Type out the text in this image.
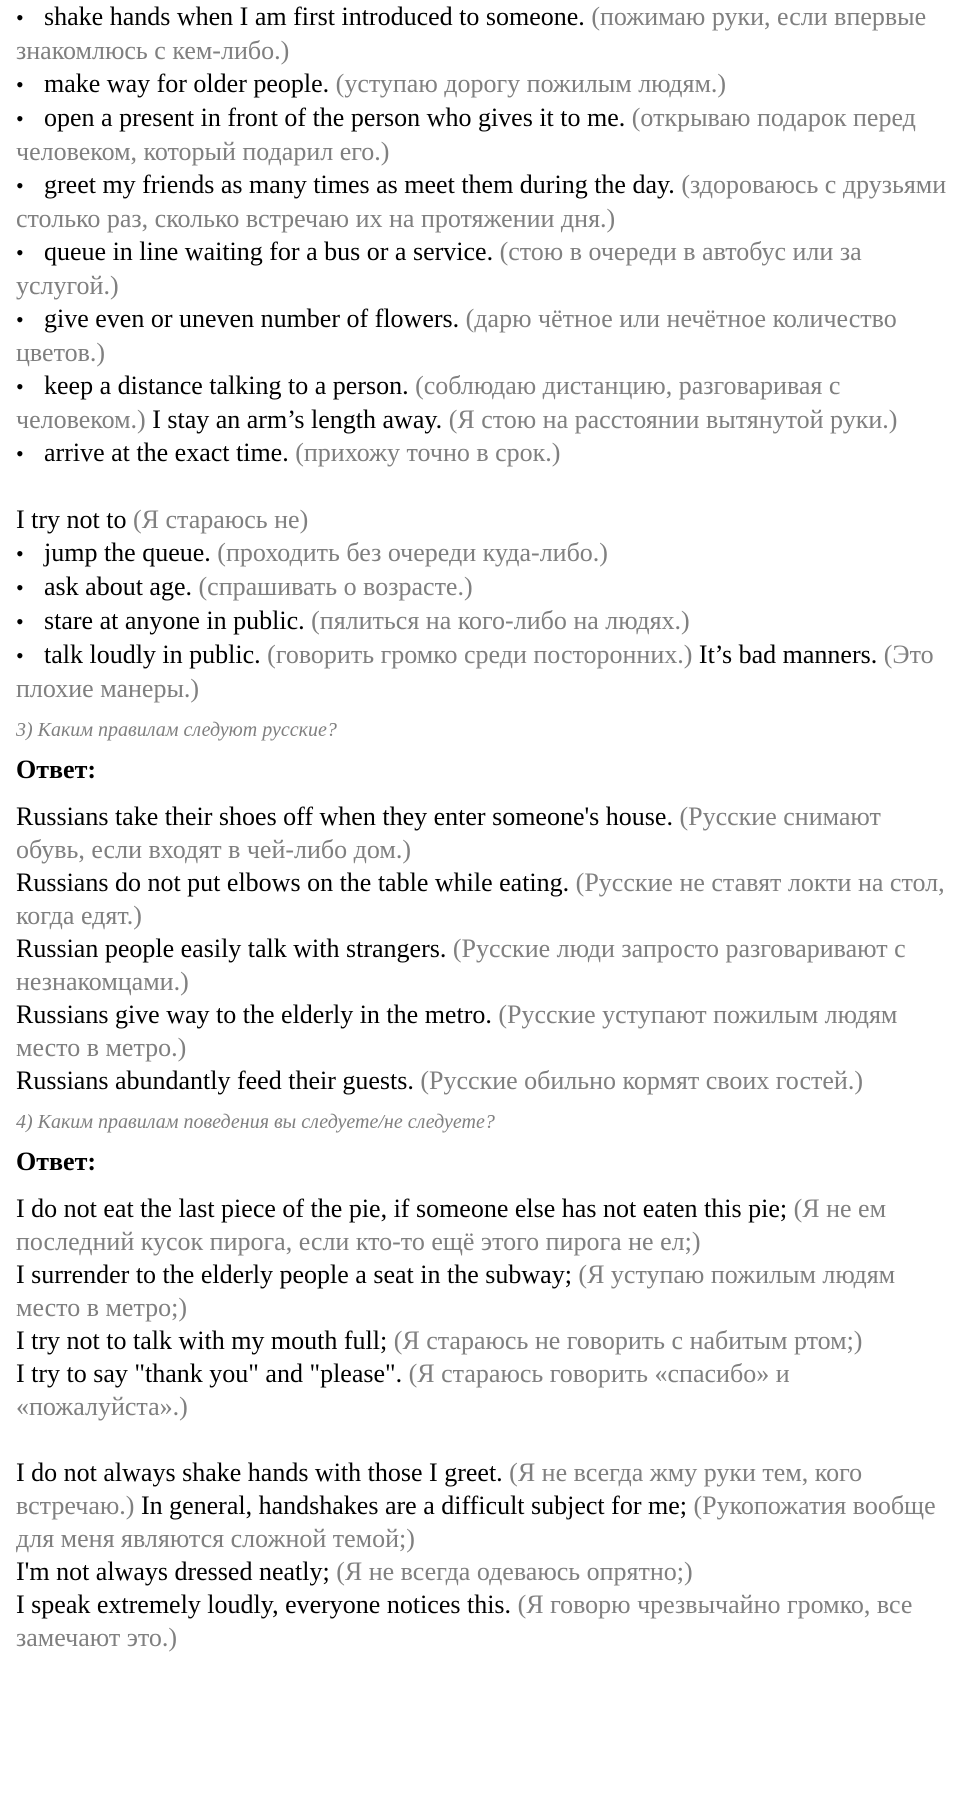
• shake hands when I am first introduced to someone. (пожимаю руки, если впервые знакомлюсь с кем-либо.)

• make way for older people. (уступаю дорогу пожилым людям.)

• open a present in front of the person who gives it to me. (открываю подарок перед человеком, который подарил его.)

• greet my friends as many times as meet them during the day. (здороваюсь с друзьями столько раз, сколько встречаю их на протяжении дня.)

• queue in line waiting for a bus or a service. (стою в очереди в автобус или за услугой.)

• give even or uneven number of flowers. (дарю чётное или нечётное количество цветов.)

• keep a distance talking to a person. (соблюдаю дистанцию, разговаривая с человеком.) I stay an arm’s length away. (Я стою на расстоянии вытянутой руки.)

• arrive at the exact time. (прихожу точно в срок.)

I try not to (Я стараюсь не)

• jump the queue. (проходить без очереди куда-либо.)

• ask about age. (спрашивать о возрасте.)

• stare at anyone in public. (пялиться на кого-либо на людях.)

• talk loudly in public. (говорить громко среди посторонних.) It’s bad manners. (Это плохие манеры.)

3) Каким правилам следуют русские?

Ответ:

Russians take their shoes off when they enter someone's house. (Русские снимают обувь, если входят в чей-либо дом.)

Russians do not put elbows on the table while eating. (Русские не ставят локти на стол, когда едят.)

Russian people easily talk with strangers. (Русские люди запросто разговаривают с незнакомцами.)

Russians give way to the elderly in the metro. (Русские уступают пожилым людям место в метро.)

Russians abundantly feed their guests. (Русские обильно кормят своих гостей.)

4) Каким правилам поведения вы следуете/не следуете?

Ответ:

I do not eat the last piece of the pie, if someone else has not eaten this pie; (Я не ем последний кусок пирога, если кто-то ещё этого пирога не ел;)

I surrender to the elderly people a seat in the subway; (Я уступаю пожилым людям место в метро;)

I try not to talk with my mouth full; (Я стараюсь не говорить с набитым ртом;)

I try to say "thank you" and "please". (Я стараюсь говорить «спасибо» и «пожалуйста».)

I do not always shake hands with those I greet. (Я не всегда жму руки тем, кого встречаю.) In general, handshakes are a difficult subject for me; (Рукопожатия вообще для меня являются сложной темой;)

I'm not always dressed neatly; (Я не всегда одеваюсь опрятно;)

I speak extremely loudly, everyone notices this. (Я говорю чрезвычайно громко, все замечают это.)
